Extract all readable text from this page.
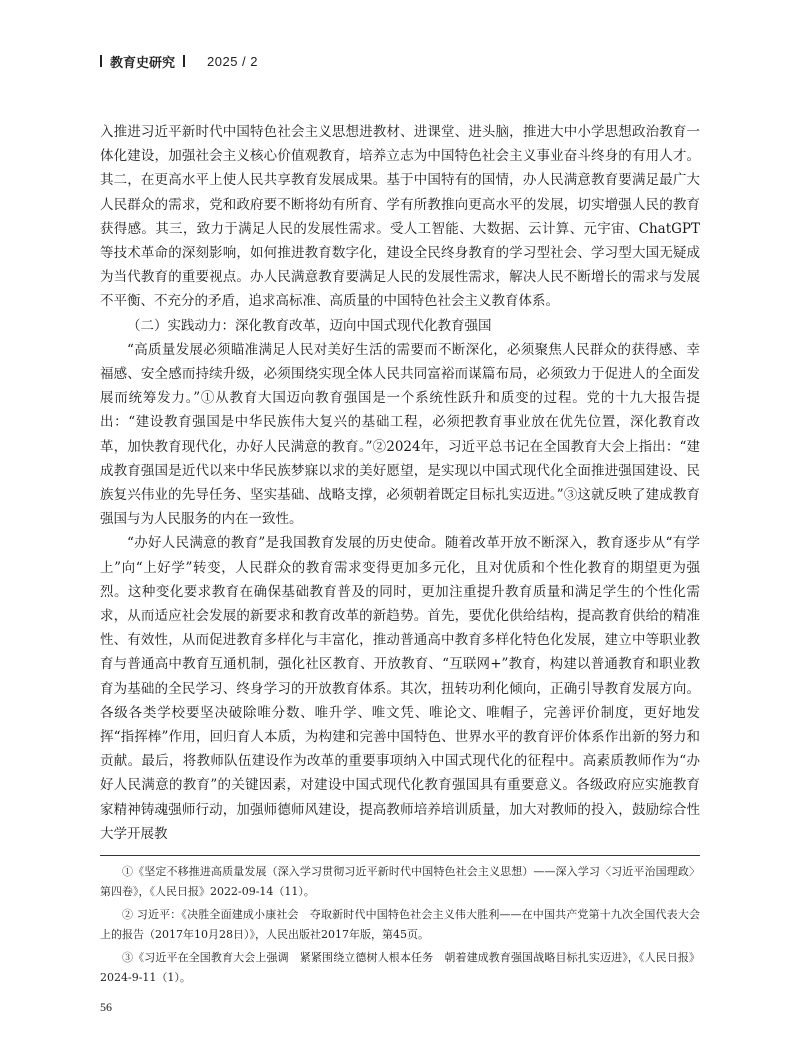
教育史研究 2025 / 2

入推进习近平新时代中国特色社会主义思想进教材、进课堂、进头脑，推进大中小学思想政治教育一体化建设，加强社会主义核心价值观教育，培养立志为中国特色社会主义事业奋斗终身的有用人才。其二，在更高水平上使人民共享教育发展成果。基于中国特有的国情，办人民满意教育要满足最广大人民群众的需求，党和政府要不断将幼有所育、学有所教推向更高水平的发展，切实增强人民的教育获得感。其三，致力于满足人民的发展性需求。受人工智能、大数据、云计算、元宇宙、ChatGPT等技术革命的深刻影响，如何推进教育数字化，建设全民终身教育的学习型社会、学习型大国无疑成为当代教育的重要视点。办人民满意教育要满足人民的发展性需求，解决人民不断增长的需求与发展不平衡、不充分的矛盾，追求高标准、高质量的中国特色社会主义教育体系。

（二）实践动力：深化教育改革，迈向中国式现代化教育强国

“高质量发展必须瞄准满足人民对美好生活的需要而不断深化，必须聚焦人民群众的获得感、幸福感、安全感而持续升级，必须围绕实现全体人民共同富裕而谋篇布局，必须致力于促进人的全面发展而统筹发力。”①从教育大国迈向教育强国是一个系统性跃升和质变的过程。党的十九大报告提出：“建设教育强国是中华民族伟大复兴的基础工程，必须把教育事业放在优先位置，深化教育改革，加快教育现代化，办好人民满意的教育。”②2024年，习近平总书记在全国教育大会上指出：“建成教育强国是近代以来中华民族梦寐以求的美好愿望，是实现以中国式现代化全面推进强国建设、民族复兴伟业的先导任务、坚实基础、战略支撑，必须朝着既定目标扎实迈进。”③这就反映了建成教育强国与为人民服务的内在一致性。

“办好人民满意的教育”是我国教育发展的历史使命。随着改革开放不断深入，教育逐步从“有学上”向“上好学”转变，人民群众的教育需求变得更加多元化，且对优质和个性化教育的期望更为强烈。这种变化要求教育在确保基础教育普及的同时，更加注重提升教育质量和满足学生的个性化需求，从而适应社会发展的新要求和教育改革的新趋势。首先，要优化供给结构，提高教育供给的精准性、有效性，从而促进教育多样化与丰富化，推动普通高中教育多样化特色化发展，建立中等职业教育与普通高中教育互通机制，强化社区教育、开放教育、“互联网+”教育，构建以普通教育和职业教育为基础的全民学习、终身学习的开放教育体系。其次，扭转功利化倾向，正确引导教育发展方向。各级各类学校要坚决破除唯分数、唯升学、唯文凭、唯论文、唯帽子，完善评价制度，更好地发挥“指挥棒”作用，回归育人本质，为构建和完善中国特色、世界水平的教育评价体系作出新的努力和贡献。最后，将教师队伍建设作为改革的重要事项纳入中国式现代化的征程中。高素质教师作为“办好人民满意的教育”的关键因素，对建设中国式现代化教育强国具有重要意义。各级政府应实施教育家精神铸魂强师行动，加强师德师风建设，提高教师培养培训质量，加大对教师的投入，鼓励综合性大学开展教

①《坚定不移推进高质量发展（深入学习贯彻习近平新时代中国特色社会主义思想）——深入学习〈习近平治国理政〉第四卷》，《人民日报》2022-09-14（11）。

② 习近平：《决胜全面建成小康社会　夺取新时代中国特色社会主义伟大胜利——在中国共产党第十九次全国代表大会上的报告（2017年10月28日）》，人民出版社2017年版，第45页。

③《习近平在全国教育大会上强调　紧紧围绕立德树人根本任务　朝着建成教育强国战略目标扎实迈进》，《人民日报》2024-9-11（1）。

56
